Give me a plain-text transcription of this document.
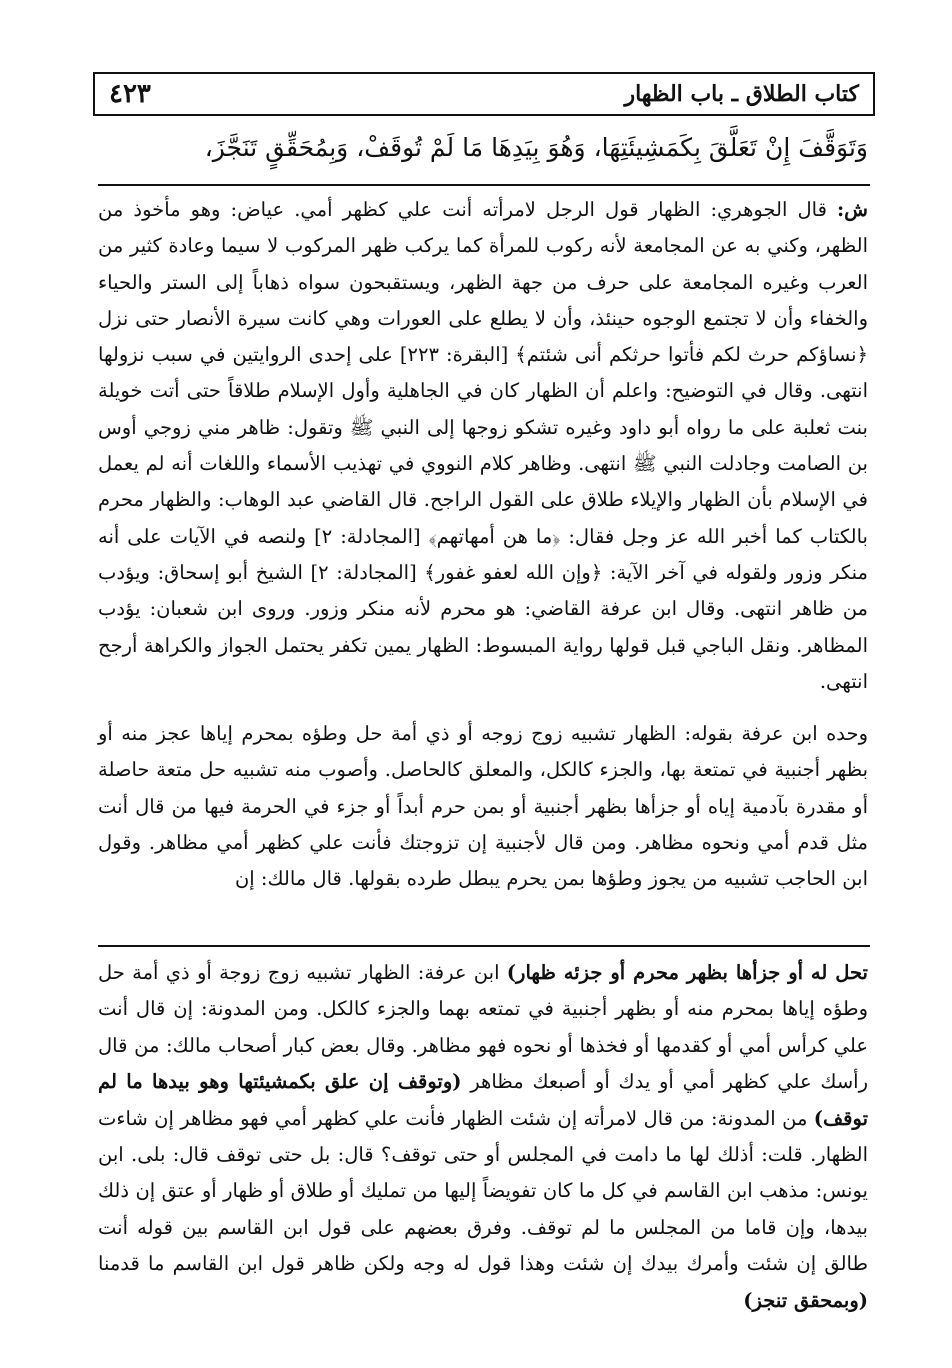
٤٢٣	كتاب الطلاق ـ باب الظهار

وَتَوَقَّفَ إِنْ تَعَلَّقَ بِكَمَشِيئَتِهَا، وَهُوَ بِيَدِهَا مَا لَمْ تُوقَفْ، وَبِمُحَقِّقٍ تَنَجَّزَ،

ش: قال الجوهري: الظهار قول الرجل لامرأته أنت علي كظهر أمي. عياض: وهو مأخوذ من الظهر، وكني به عن المجامعة لأنه ركوب للمرأة كما يركب ظهر المركوب لا سيما وعادة كثير من العرب وغيره المجامعة على حرف من جهة الظهر، ويستقبحون سواه ذهاباً إلى الستر والحياء والخفاء وأن لا تجتمع الوجوه حينئذ، وأن لا يطلع على العورات وهي كانت سيرة الأنصار حتى نزل ﴿نساؤكم حرث لكم فأتوا حرثكم أنى شئتم﴾ [البقرة: ٢٢٣] على إحدى الروايتين في سبب نزولها انتهى. وقال في التوضيح: واعلم أن الظهار كان في الجاهلية وأول الإسلام طلاقاً حتى أتت خويلة بنت ثعلبة على ما رواه أبو داود وغيره تشكو زوجها إلى النبي ﷺ وتقول: ظاهر مني زوجي أوس بن الصامت وجادلت النبي ﷺ انتهى. وظاهر كلام النووي في تهذيب الأسماء واللغات أنه لم يعمل في الإسلام بأن الظهار والإيلاء طلاق على القول الراجح. قال القاضي عبد الوهاب: والظهار محرم بالكتاب كما أخبر الله عز وجل فقال: ﴿ما هن أمهاتهم﴾ [المجادلة: ٢] ولنصه في الآيات على أنه منكر وزور ولقوله في آخر الآية: ﴿وإن الله لعفو غفور﴾ [المجادلة: ٢] الشيخ أبو إسحاق: ويؤدب من ظاهر انتهى. وقال ابن عرفة القاضي: هو محرم لأنه منكر وزور. وروى ابن شعبان: يؤدب المظاهر. ونقل الباجي قبل قولها رواية المبسوط: الظهار يمين تكفر يحتمل الجواز والكراهة أرجح انتهى.

وحده ابن عرفة بقوله: الظهار تشبيه زوج زوجه أو ذي أمة حل وطؤه بمحرم إياها عجز منه أو بظهر أجنبية في تمتعة بها، والجزء كالكل، والمعلق كالحاصل. وأصوب منه تشبيه حل متعة حاصلة أو مقدرة بآدمية إياه أو جزأها بظهر أجنبية أو بمن حرم أبداً أو جزء في الحرمة فيها من قال أنت مثل قدم أمي ونحوه مظاهر. ومن قال لأجنبية إن تزوجتك فأنت علي كظهر أمي مظاهر. وقول ابن الحاجب تشبيه من يجوز وطؤها بمن يحرم يبطل طرده بقولها. قال مالك: إن

تحل له أو جزأها بظهر محرم أو جزئه ظهار) ابن عرفة: الظهار تشبيه زوج زوجة أو ذي أمة حل وطؤه إياها بمحرم منه أو بظهر أجنبية في تمتعه بهما والجزء كالكل. ومن المدونة: إن قال أنت علي كرأس أمي أو كقدمها أو فخذها أو نحوه فهو مظاهر. وقال بعض كبار أصحاب مالك: من قال رأسك علي كظهر أمي أو يدك أو أصبعك مظاهر (وتوقف إن علق بكمشيئتها وهو بيدها ما لم توقف) من المدونة: من قال لامرأته إن شئت الظهار فأنت علي كظهر أمي فهو مظاهر إن شاءت الظهار. قلت: أذلك لها ما دامت في المجلس أو حتى توقف؟ قال: بل حتى توقف قال: بلى. ابن يونس: مذهب ابن القاسم في كل ما كان تفويضاً إليها من تمليك أو طلاق أو ظهار أو عتق إن ذلك بيدها، وإن قاما من المجلس ما لم توقف. وفرق بعضهم على قول ابن القاسم بين قوله أنت طالق إن شئت وأمرك بيدك إن شئت وهذا قول له وجه ولكن ظاهر قول ابن القاسم ما قدمنا (وبمحقق تنجز)
